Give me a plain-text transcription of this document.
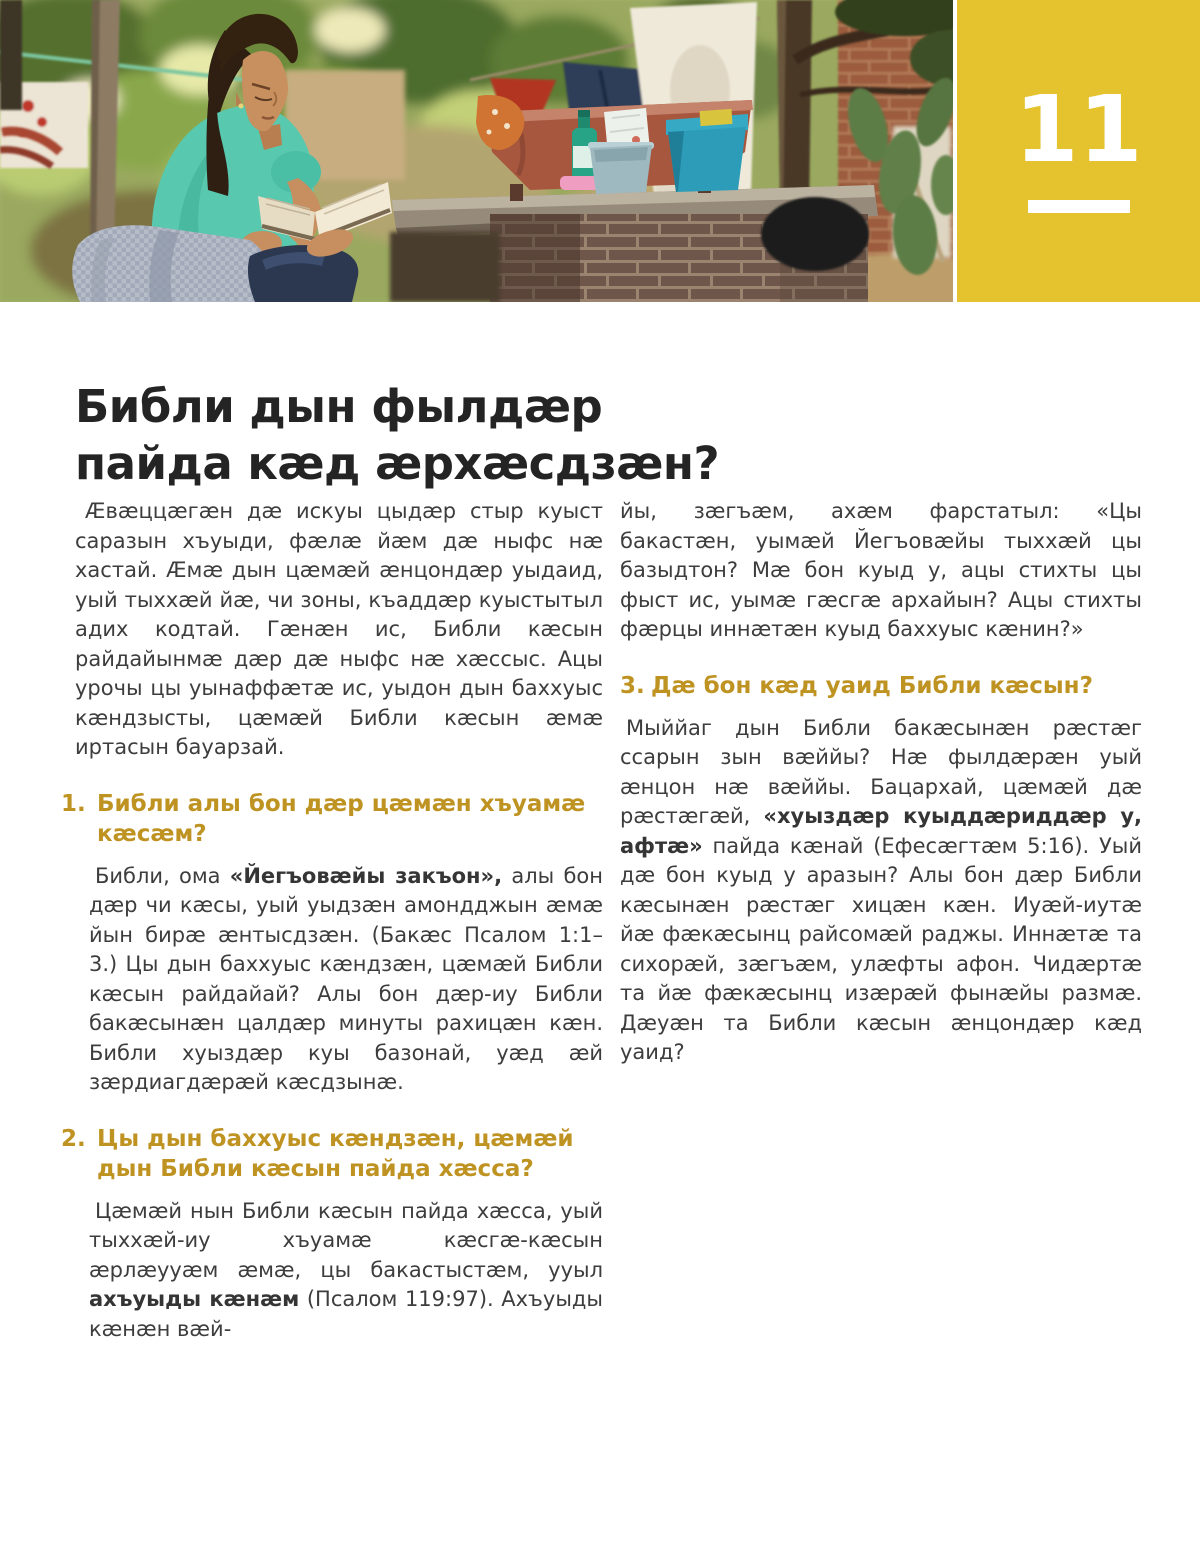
11
Библи дын фылдӕр пайда кӕд ӕрхӕсдзӕн?

Ӕвӕццӕгӕн дӕ искуы цыдӕр стыр куыст саразын хъуыди, фӕлӕ йӕм дӕ ныфс нӕ хастай. Ӕмӕ дын цӕмӕй ӕнцондӕр уыдаид, уый тыххӕй йӕ, чи зоны, къаддӕр куыстытыл адих кодтай. Гӕнӕн ис, Библи кӕсын райдайынмӕ дӕр дӕ ныфс нӕ хӕссыс. Ацы урочы цы уынаффӕтӕ ис, уыдон дын баххуыс кӕндзысты, цӕмӕй Библи кӕсын ӕмӕ иртасын бауарзай.

1. Библи алы бон дӕр цӕмӕн хъуамӕ кӕсӕм?

Библи, ома «Йегъовӕйы закъон», алы бон дӕр чи кӕсы, уый уыдзӕн амондджын ӕмӕ йын бирӕ ӕнтысдзӕн. (Бакӕс Псалом 1:1–3.) Цы дын баххуыс кӕндзӕн, цӕмӕй Библи кӕсын райдайай? Алы бон дӕр-иу Библи бакӕсынӕн цалдӕр минуты рахицӕн кӕн. Библи хуыздӕр куы базонай, уӕд ӕй зӕрдиагдӕрӕй кӕсдзынӕ.

2. Цы дын баххуыс кӕндзӕн, цӕмӕй дын Библи кӕсын пайда хӕсса?

Цӕмӕй нын Библи кӕсын пайда хӕсса, уый тыххӕй-иу хъуамӕ кӕсгӕ-кӕсын ӕрлӕууӕм ӕмӕ, цы бакастыстӕм, ууыл ахъуыды кӕнӕм (Псалом 119:97). Ахъуыды кӕнӕн вӕй-

йы, зӕгъӕм, ахӕм фарстатыл: «Цы бакастӕн, уымӕй Йегъовӕйы тыххӕй цы базыдтон? Мӕ бон куыд у, ацы стихты цы фыст ис, уымӕ гӕсгӕ архайын? Ацы стихты фӕрцы иннӕтӕн куыд баххуыс кӕнин?»

3. Дӕ бон кӕд уаид Библи кӕсын?

Мыййаг дын Библи бакӕсынӕн рӕстӕг ссарын зын вӕййы? Нӕ фылдӕрӕн уый ӕнцон нӕ вӕййы. Бацархай, цӕмӕй дӕ рӕстӕгӕй, «хуыздӕр куыддӕриддӕр у, афтӕ» пайда кӕнай (Ефесӕгтӕм 5:16). Уый дӕ бон куыд у аразын? Алы бон дӕр Библи кӕсынӕн рӕстӕг хицӕн кӕн. Иуӕй-иутӕ йӕ фӕкӕсынц райсомӕй раджы. Иннӕтӕ та сихорӕй, зӕгъӕм, улӕфты афон. Чидӕртӕ та йӕ фӕкӕсынц изӕрӕй фынӕйы размӕ. Дӕуӕн та Библи кӕсын ӕнцондӕр кӕд уаид?
